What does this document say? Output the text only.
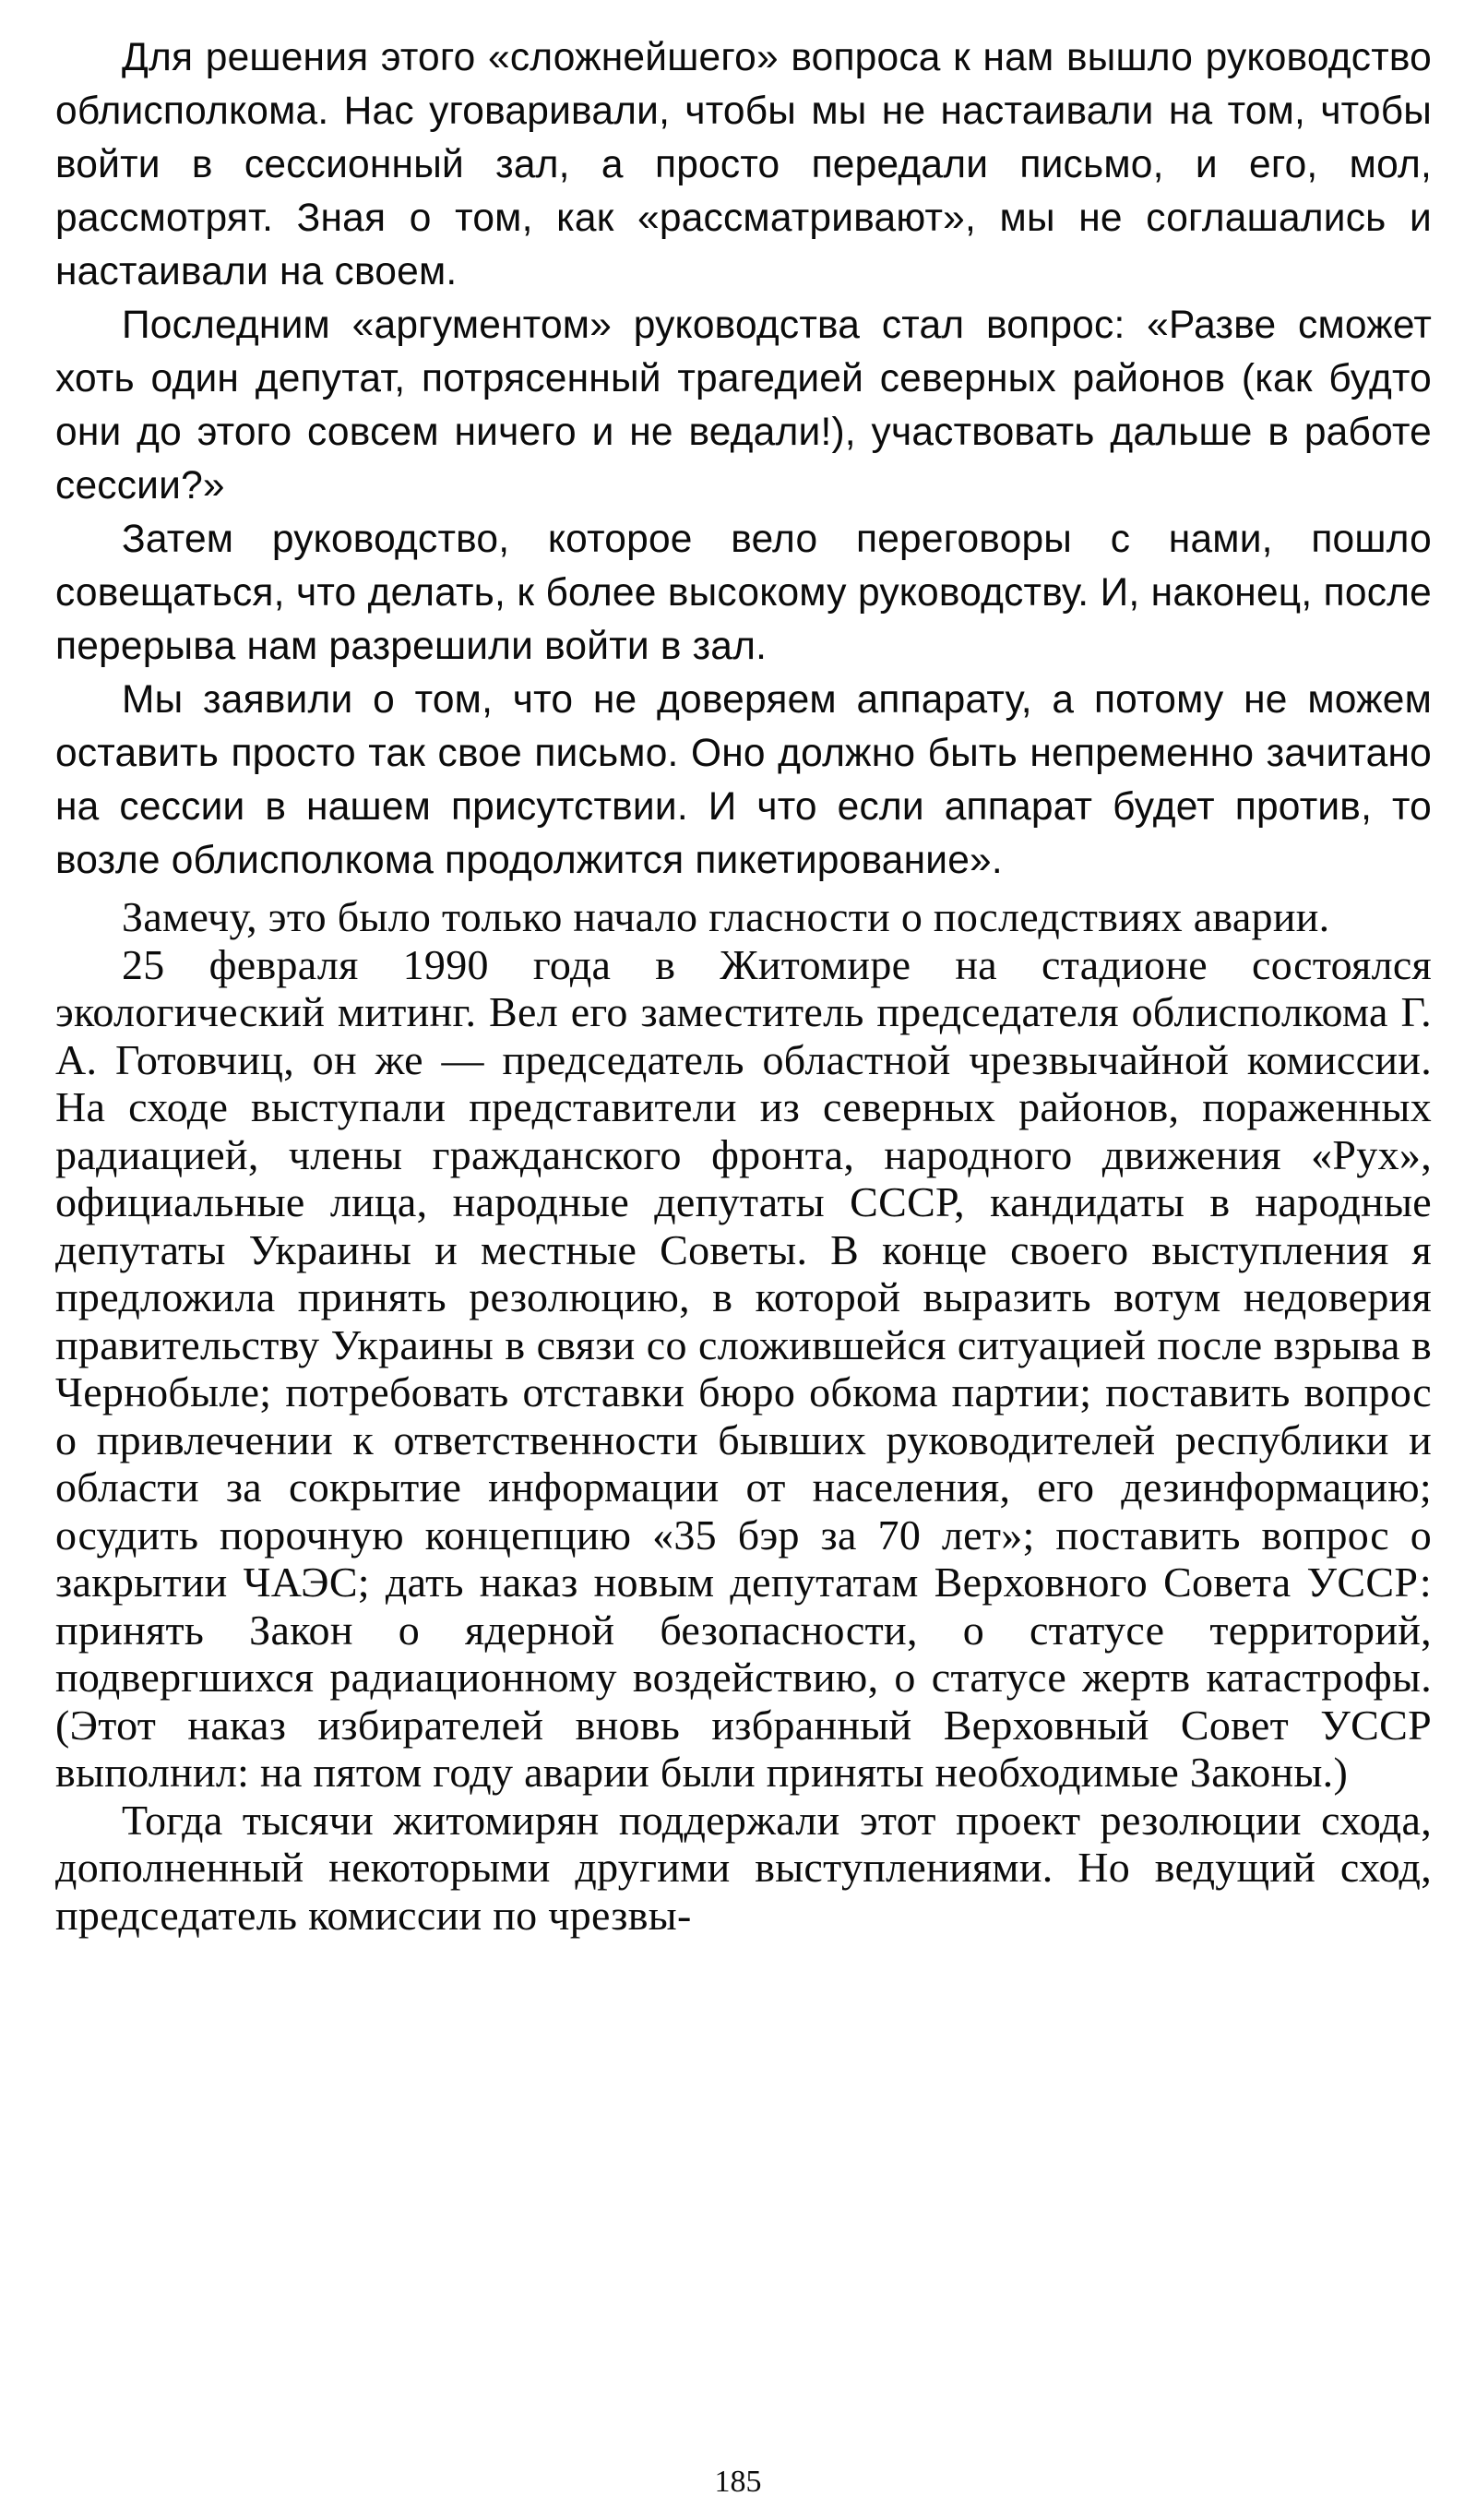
Для решения этого «сложнейшего» вопроса к нам вышло руководство облисполкома. Нас уговаривали, чтобы мы не настаивали на том, чтобы войти в сессионный зал, а просто передали письмо, и его, мол, рассмотрят. Зная о том, как «рассматривают», мы не соглашались и настаивали на своем.

Последним «аргументом» руководства стал вопрос: «Разве сможет хоть один депутат, потрясенный трагедией северных районов (как будто они до этого совсем ничего и не ведали!), участвовать дальше в работе сессии?»

Затем руководство, которое вело переговоры с нами, пошло совещаться, что делать, к более высокому руководству. И, наконец, после перерыва нам разрешили войти в зал.

Мы заявили о том, что не доверяем аппарату, а потому не можем оставить просто так свое письмо. Оно должно быть непременно зачитано на сессии в нашем присутствии. И что если аппарат будет против, то возле облисполкома продолжится пикетирование».

Замечу, это было только начало гласности о последствиях аварии.

25 февраля 1990 года в Житомире на стадионе состоялся экологический митинг. Вел его заместитель председателя облисполкома Г. А. Готовчиц, он же — председатель областной чрезвычайной комиссии. На сходе выступали представители из северных районов, пораженных радиацией, члены гражданского фронта, народного движения «Рух», официальные лица, народные депутаты СССР, кандидаты в народные депутаты Украины и местные Советы. В конце своего выступления я предложила принять резолюцию, в которой выразить вотум недоверия правительству Украины в связи со сложившейся ситуацией после взрыва в Чернобыле; потребовать отставки бюро обкома партии; поставить вопрос о привлечении к ответственности бывших руководителей республики и области за сокрытие информации от населения, его дезинформацию; осудить порочную концепцию «35 бэр за 70 лет»; поставить вопрос о закрытии ЧАЭС; дать наказ новым депутатам Верховного Совета УССР: принять Закон о ядерной безопасности, о статусе территорий, подвергшихся радиационному воздействию, о статусе жертв катастрофы. (Этот наказ избирателей вновь избранный Верховный Совет УССР выполнил: на пятом году аварии были приняты необходимые Законы.)

Тогда тысячи житомирян поддержали этот проект резолюции схода, дополненный некоторыми другими выступлениями. Но ведущий сход, председатель комиссии по чрезвы-

185
